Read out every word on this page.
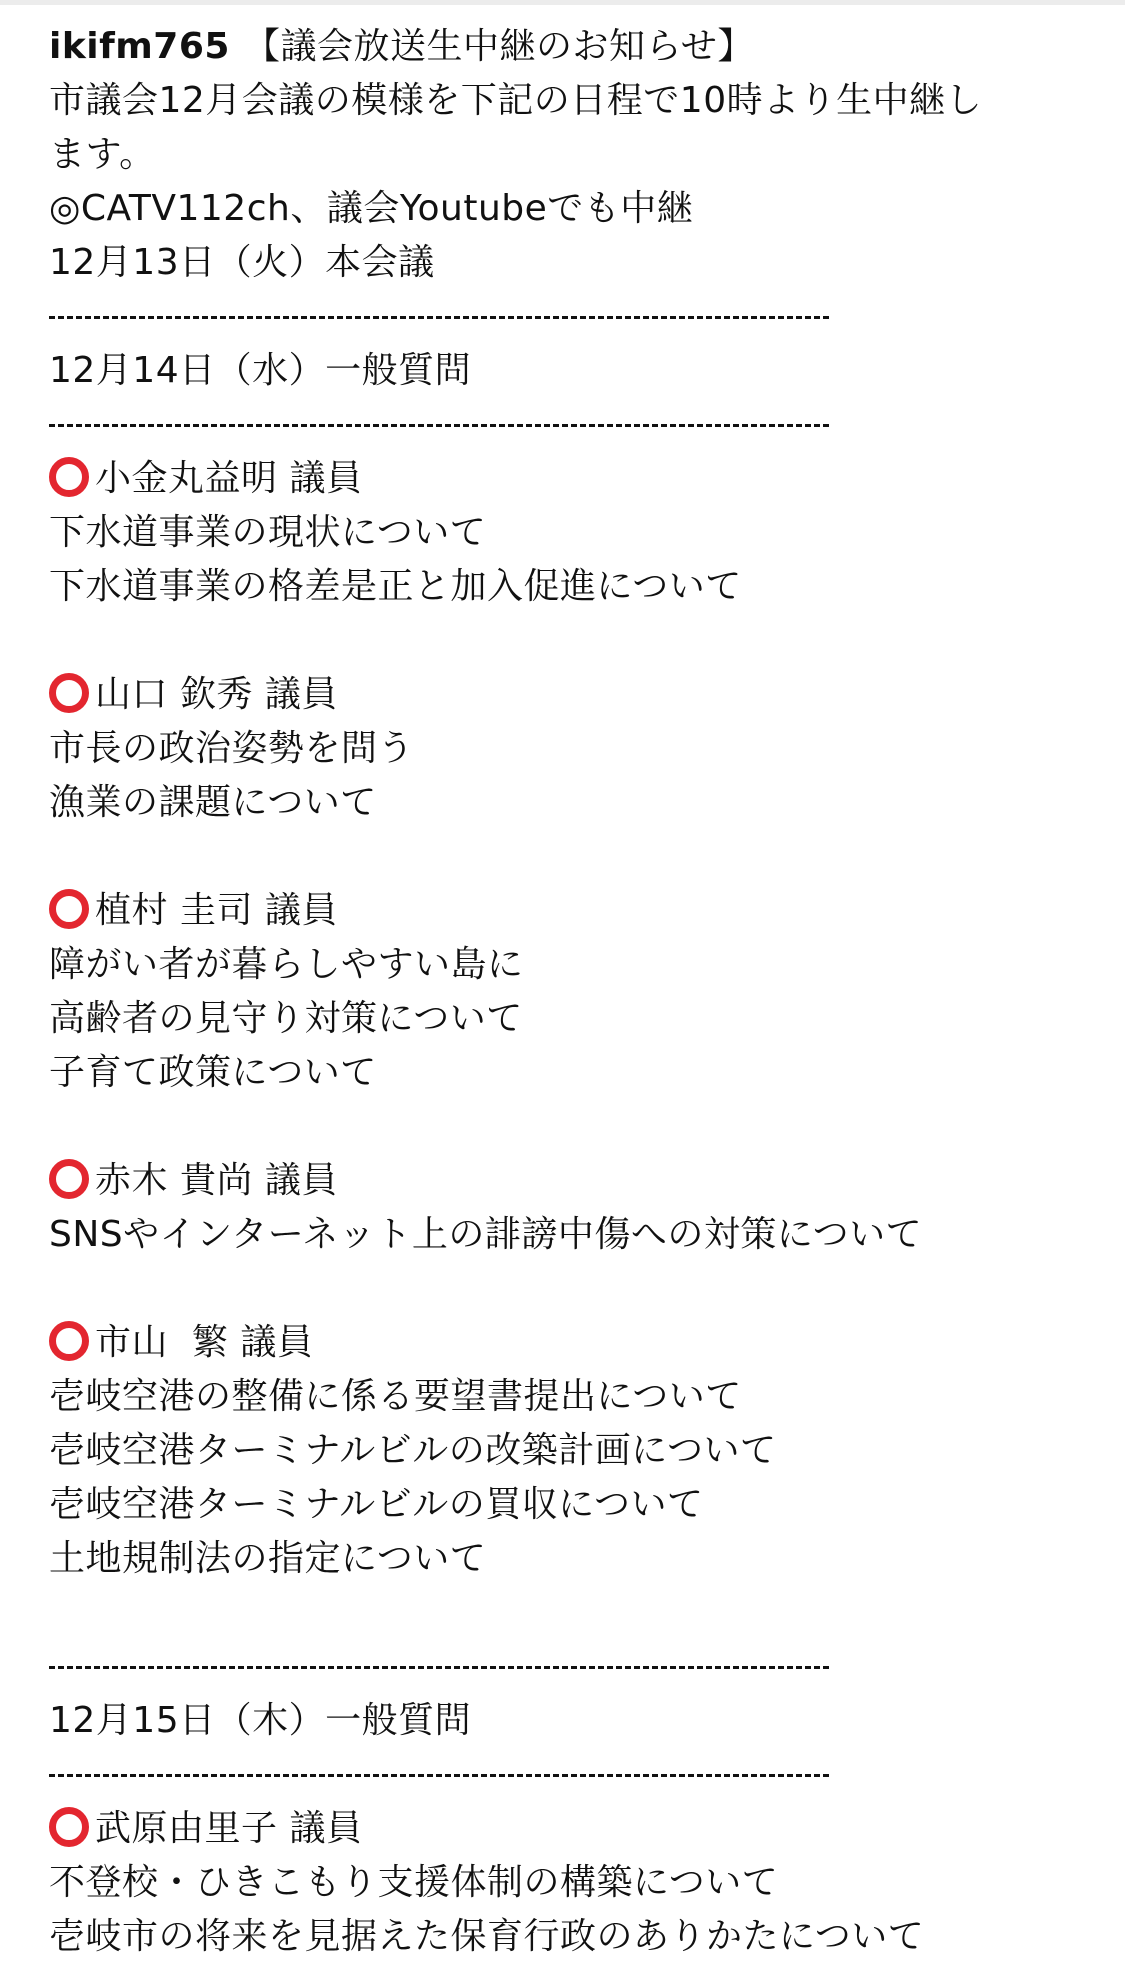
ikifm765 【議会放送生中継のお知らせ】
市議会12月会議の模様を下記の日程で10時より生中継し
ます。
◎CATV112ch、議会Youtubeでも中継
12月13日（火）本会議
12月14日（水）一般質問
小金丸益明 議員
下水道事業の現状について
下水道事業の格差是正と加入促進について
山口 欽秀 議員
市長の政治姿勢を問う
漁業の課題について
植村 圭司 議員
障がい者が暮らしやすい島に
高齢者の見守り対策について
子育て政策について
赤木 貴尚 議員
SNSやインターネット上の誹謗中傷への対策について
市山  繁 議員
壱岐空港の整備に係る要望書提出について
壱岐空港ターミナルビルの改築計画について
壱岐空港ターミナルビルの買収について
土地規制法の指定について
12月15日（木）一般質問
武原由里子 議員
不登校・ひきこもり支援体制の構築について
壱岐市の将来を見据えた保育行政のありかたについて
